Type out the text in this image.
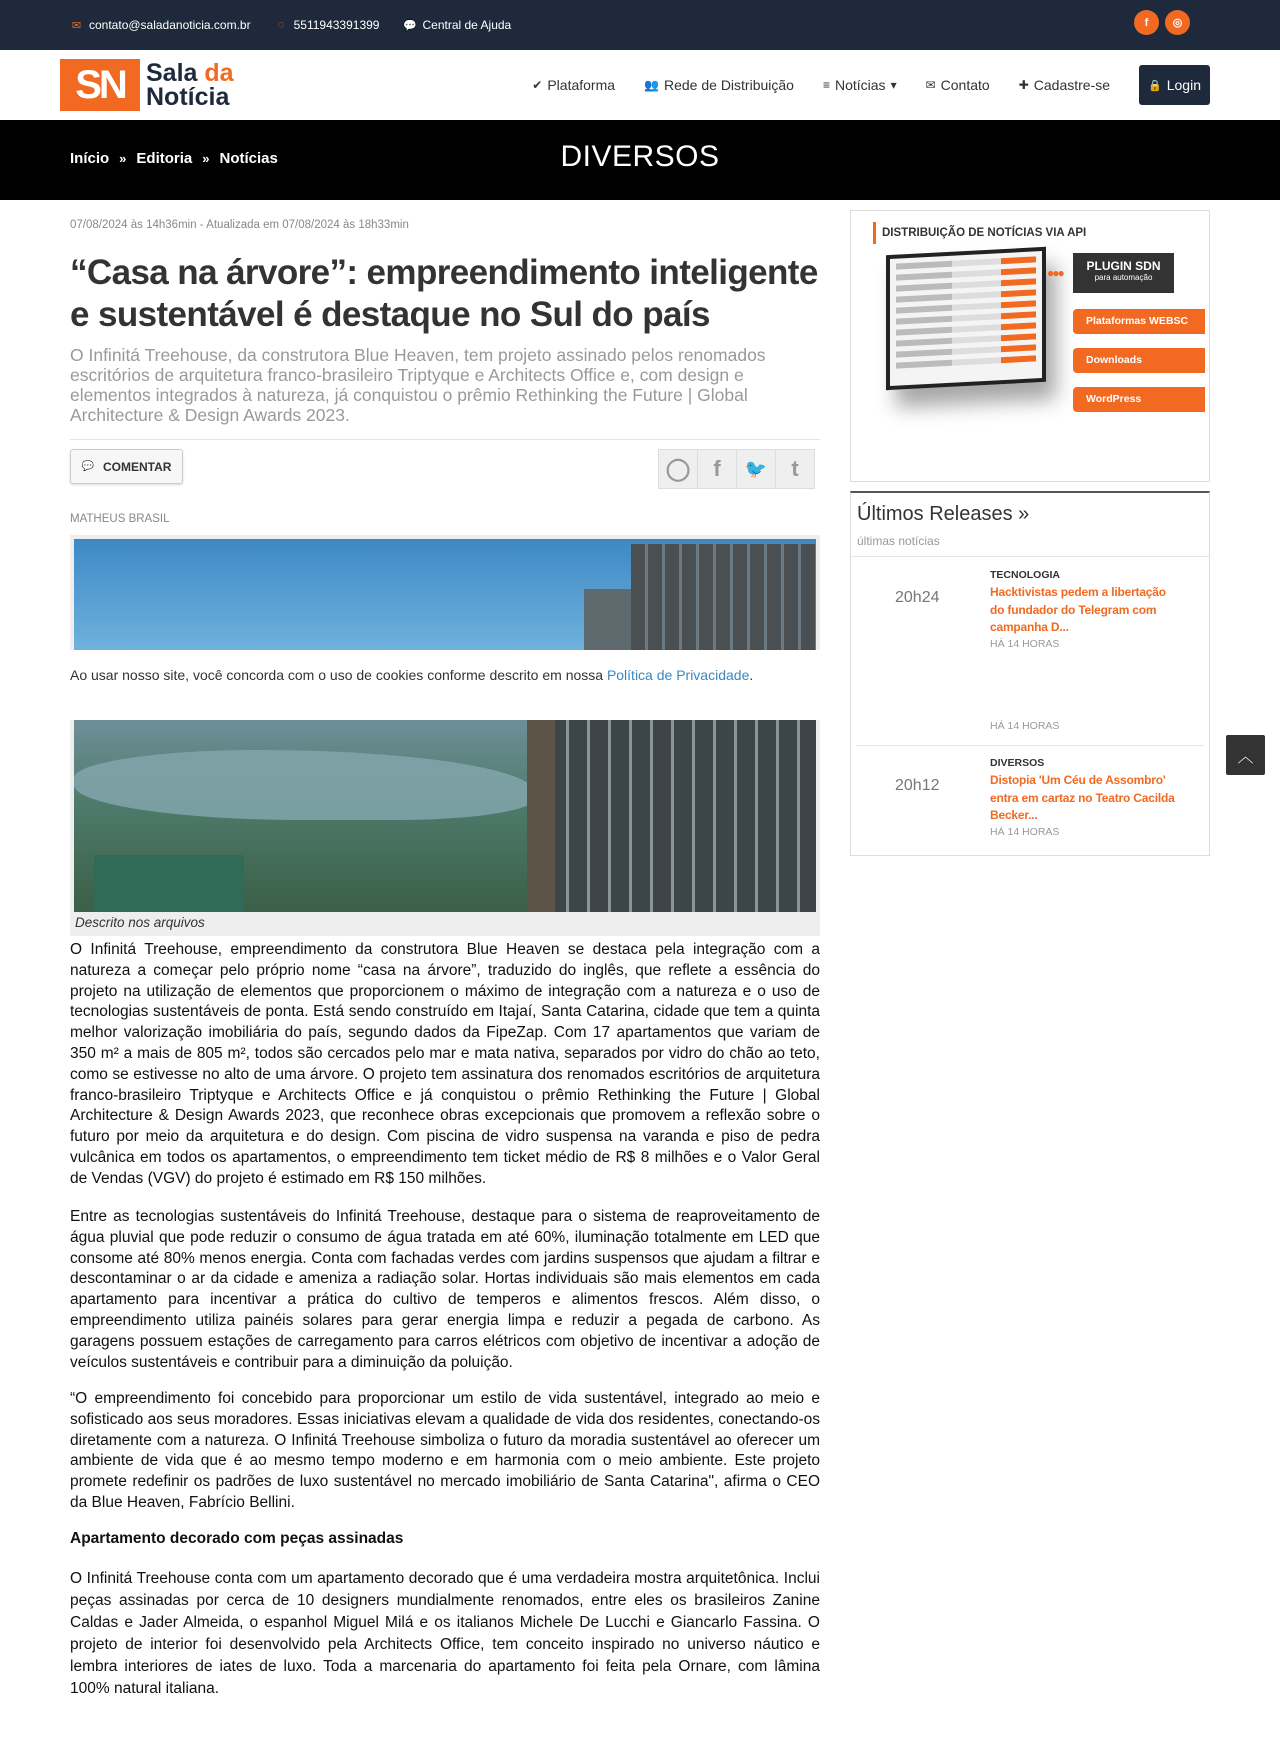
✉ contato@saladanoticia.com.br ◌ 5511943391399 💬 Central de Ajuda	f	◎
SN Sala da
Notícia	✔ Plataforma 👥 Rede de Distribuição ≡ Notícias ▾ ✉ Contato ✚ Cadastre-se	🔒 Login
DIVERSOS
Início » Editoria » Notícias
07/08/2024 às 14h36min - Atualizada em 07/08/2024 às 18h33min
“Casa na árvore”: empreendimento inteligente e sustentável é destaque no Sul do país

O Infinitá Treehouse, da construtora Blue Heaven, tem projeto assinado pelos renomados escritórios de arquitetura franco-brasileiro Triptyque e Architects Office e, com design e elementos integrados à natureza, já conquistou o prêmio Rethinking the Future | Global Architecture & Design Awards 2023.

💬 COMENTAR	◯	f	🐦	t
MATHEUS BRASIL
Ao usar nosso site, você concorda com o uso de cookies conforme descrito em nossa Política de Privacidade.
Descrito nos arquivos

O Infinitá Treehouse, empreendimento da construtora Blue Heaven se destaca pela integração com a natureza a começar pelo próprio nome “casa na árvore”, traduzido do inglês, que reflete a essência do projeto na utilização de elementos que proporcionem o máximo de integração com a natureza e o uso de tecnologias sustentáveis de ponta. Está sendo construído em Itajaí, Santa Catarina, cidade que tem a quinta melhor valorização imobiliária do país, segundo dados da FipeZap. Com 17 apartamentos que variam de 350 m² a mais de 805 m², todos são cercados pelo mar e mata nativa, separados por vidro do chão ao teto, como se estivesse no alto de uma árvore. O projeto tem assinatura dos renomados escritórios de arquitetura franco-brasileiro Triptyque e Architects Office e já conquistou o prêmio Rethinking the Future | Global Architecture & Design Awards 2023, que reconhece obras excepcionais que promovem a reflexão sobre o futuro por meio da arquitetura e do design. Com piscina de vidro suspensa na varanda e piso de pedra vulcânica em todos os apartamentos, o empreendimento tem ticket médio de R$ 8 milhões e o Valor Geral de Vendas (VGV) do projeto é estimado em R$ 150 milhões.

Entre as tecnologias sustentáveis do Infinitá Treehouse, destaque para o sistema de reaproveitamento de água pluvial que pode reduzir o consumo de água tratada em até 60%, iluminação totalmente em LED que consome até 80% menos energia. Conta com fachadas verdes com jardins suspensos que ajudam a filtrar e descontaminar o ar da cidade e ameniza a radiação solar. Hortas individuais são mais elementos em cada apartamento para incentivar a prática do cultivo de temperos e alimentos frescos. Além disso, o empreendimento utiliza painéis solares para gerar energia limpa e reduzir a pegada de carbono. As garagens possuem estações de carregamento para carros elétricos com objetivo de incentivar a adoção de veículos sustentáveis e contribuir para a diminuição da poluição.

“O empreendimento foi concebido para proporcionar um estilo de vida sustentável, integrado ao meio e sofisticado aos seus moradores. Essas iniciativas elevam a qualidade de vida dos residentes, conectando-os diretamente com a natureza. O Infinitá Treehouse simboliza o futuro da moradia sustentável ao oferecer um ambiente de vida que é ao mesmo tempo moderno e em harmonia com o meio ambiente. Este projeto promete redefinir os padrões de luxo sustentável no mercado imobiliário de Santa Catarina", afirma o CEO da Blue Heaven, Fabrício Bellini.

Apartamento decorado com peças assinadas

O Infinitá Treehouse conta com um apartamento decorado que é uma verdadeira mostra arquitetônica. Inclui peças assinadas por cerca de 10 designers mundialmente renomados, entre eles os brasileiros Zanine Caldas e Jader Almeida, o espanhol Miguel Milá e os italianos Michele De Lucchi e Giancarlo Fassina. O projeto de interior foi desenvolvido pela Architects Office, tem conceito inspirado no universo náutico e lembra interiores de iates de luxo. Toda a marcenaria do apartamento foi feita pela Ornare, com lâmina 100% natural italiana.

DISTRIBUIÇÃO DE NOTÍCIAS VIA API
●●●	PLUGIN SDN
para automação
Plataformas WEBSC
Downloads
WordPress
Últimos Releases »
últimas notícias
20h24
TECNOLOGIA
Hacktivistas pedem a libertação do fundador do Telegram com campanha D...
HÁ 14 HORAS
HÁ 14 HORAS
20h12
DIVERSOS
Distopia 'Um Céu de Assombro' entra em cartaz no Teatro Cacilda Becker...
HÁ 14 HORAS
︿
